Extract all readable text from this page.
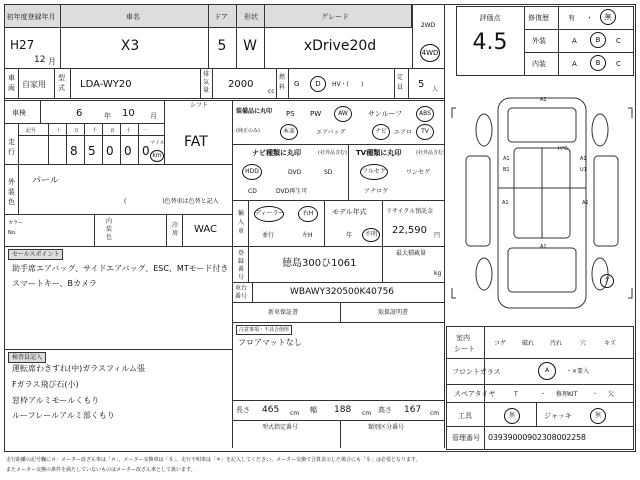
初年度登録年月	車名	ドア	形状	グレード
2WD
H27
12 月
X3	5	W	xDrive20d	4WD
車
両 自家用
型
式 LDA-WY20
排
気
量
2000
cc
燃
料 G	D	HV・(　　)
定
員 5 人
評価点
4.5
修復歴	有 ・	無
外装	A	B	C
内装	A	B	C
車検	6	年 10 月
シフト
FAT
走
行
記号	十	万	千	百 十 一
8 5 0 0 0
マイル
km
外
装
色
パール
(　　　　　　)色替車は色替と記入
カラー
No.
内
装
色
冷
房 WAC
セールスポイント
助手席エアバッグ、サイドエアバッグ、ESC、MTモード付き
スマートキー、Bカメラ
検査員記入
運転席わきすれ(中)ガラスフィルム張
Fガラス飛び石(小)
窓枠アルミモールくもり
ルーフレールアルミ部くもり
装備品に丸印
(純正のみ)
PS PW	AW	サンルーフ	ABS
本革	エアバッグ	ナビ	エアロ	TV
ナビ種類に丸印	(社外品含む)
HDD	DVD	SD
CD	DVD再生可
TV種類に丸印	(社外品含む)
フルセグ	ワンセグ
アナログ
輸
入
車
ディーラー	右H
並行	左H
モデル年式
年	不明
リサイクル預託金
22,590 円
登
録
番
号
徳島300ひ1061
最大積載量
kg
車台
番号	WBAWY320500K40756
新車保証書	取扱説明書
注意事項・不具合箇所
フロアマットなし
長さ 465 cm 幅 188 cm 高さ 167 cm
型式指定番号	類別区分番号
A1
A1
B1
A1
U1
A1	A1
A1
H°G
ク
室内
シート
コゲ	破れ	汚れ	穴	キズ
フロントガラス	A	・×要入
スペアタイヤ	T	・ 修理KIT ・ 欠
工具	無	ジャッキ	無
管理番号 03939000902308002258
走行距離の記号欄に＃：メーター改ざん車は「＃」、メーター交換車は「＄」、走行不明車は「＊」を記入してください。メーター交換で合算表示した場合にも「＄」は必要となります。
またメーター交換の条件を満たしていないものはメーター改ざん車として扱います。
